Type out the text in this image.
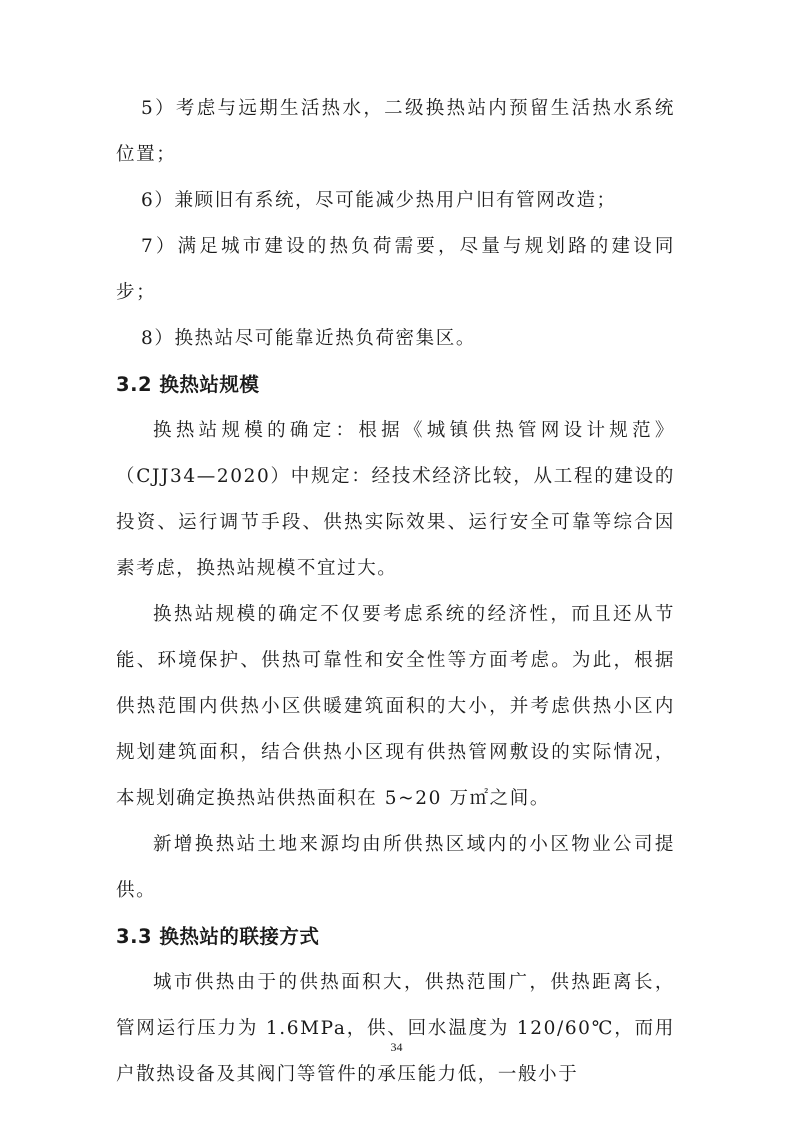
5）考虑与远期生活热水，二级换热站内预留生活热水系统位置；

6）兼顾旧有系统，尽可能减少热用户旧有管网改造；

7）满足城市建设的热负荷需要，尽量与规划路的建设同步；

8）换热站尽可能靠近热负荷密集区。

3.2 换热站规模

换热站规模的确定：根据《城镇供热管网设计规范》（CJJ34—2020）中规定：经技术经济比较，从工程的建设的投资、运行调节手段、供热实际效果、运行安全可靠等综合因素考虑，换热站规模不宜过大。

换热站规模的确定不仅要考虑系统的经济性，而且还从节能、环境保护、供热可靠性和安全性等方面考虑。为此，根据供热范围内供热小区供暖建筑面积的大小，并考虑供热小区内规划建筑面积，结合供热小区现有供热管网敷设的实际情况，本规划确定换热站供热面积在 5~20 万㎡之间。

新增换热站土地来源均由所供热区域内的小区物业公司提供。

3.3 换热站的联接方式

城市供热由于的供热面积大，供热范围广，供热距离长，管网运行压力为 1.6MPa，供、回水温度为 120/60℃，而用户散热设备及其阀门等管件的承压能力低，一般小于

34
